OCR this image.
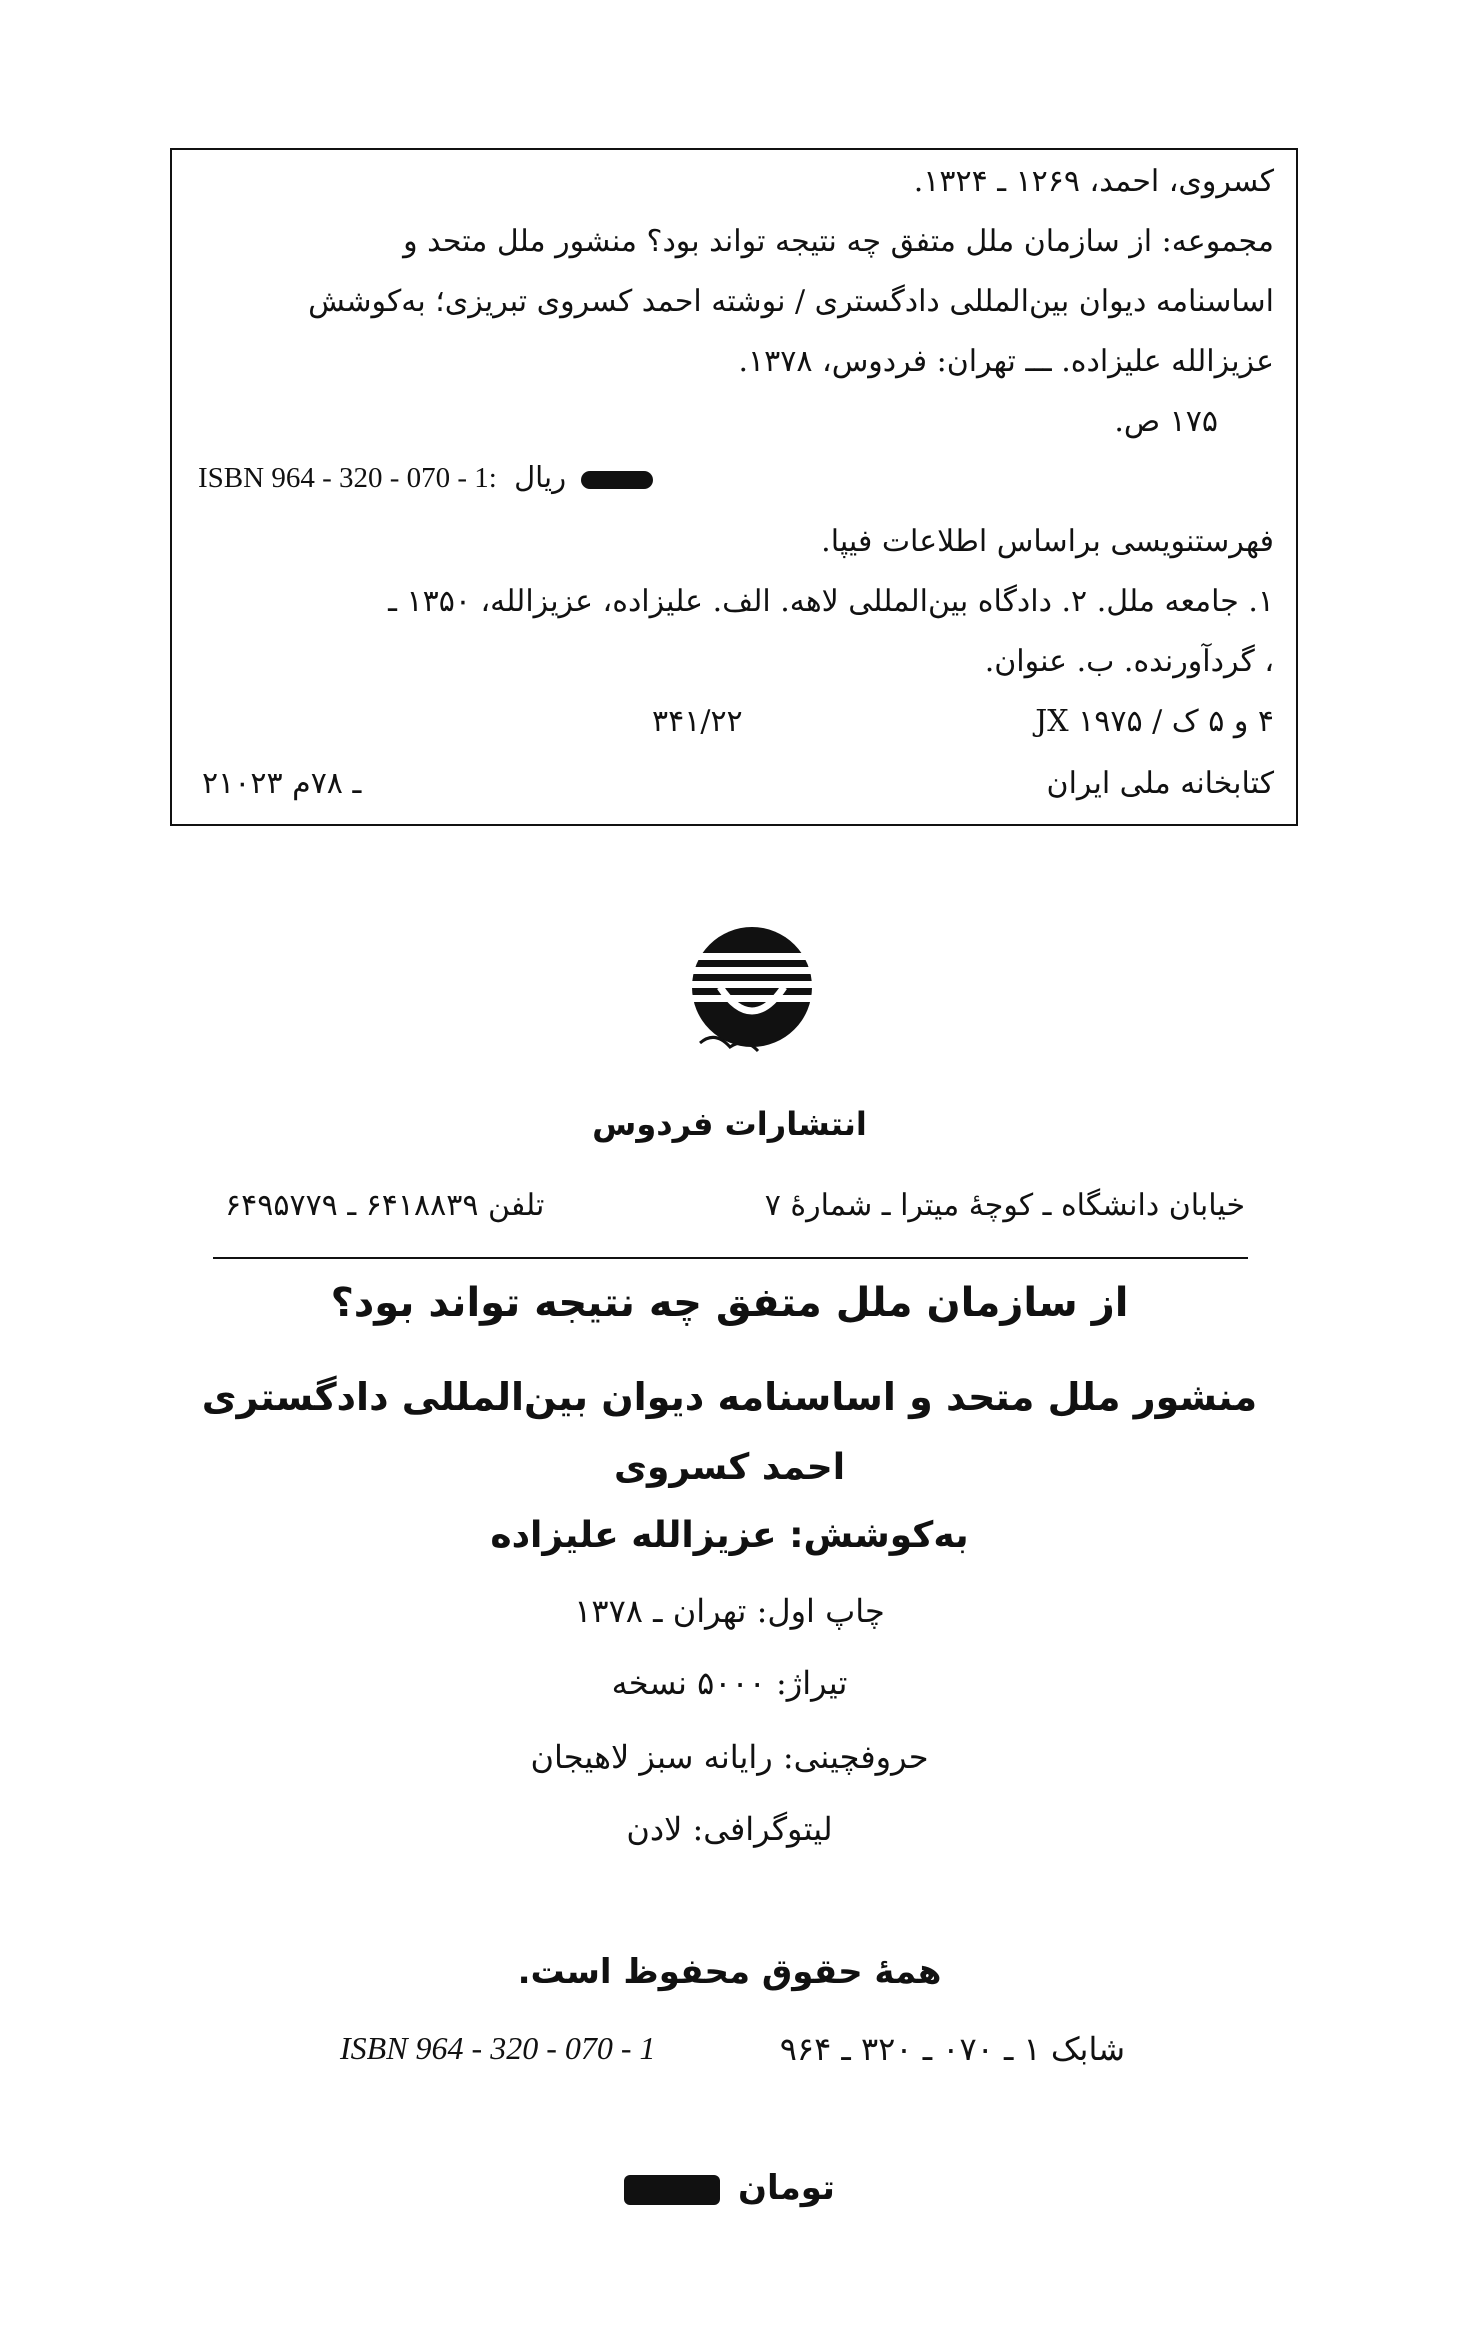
کسروی، احمد، ۱۲۶۹ ـ ۱۳۲۴.
مجموعه: از سازمان ملل متفق چه نتیجه تواند بود؟ منشور ملل متحد و
اساسنامه دیوان بین‌المللی دادگستری / نوشته احمد کسروی تبریزی؛ به‌کوشش
عزیزالله علیزاده. ـــ تهران: فردوس، ۱۳۷۸.
۱۷۵ ص.
ISBN 964 - 320 - 070 - 1: ریال
فهرستنویسی براساس اطلاعات فیپا.
۱. جامعه ملل. ۲. دادگاه بین‌المللی لاهه. الف. علیزاده، عزیزالله، ۱۳۵۰ ـ
، گردآورنده. ب. عنوان.
۴ و ۵ ک / JX ۱۹۷۵
۳۴۱/۲۲
کتابخانه ملی ایران
۲۱۰۲۳ ـ ۷۸م
انتشارات فردوس
خیابان دانشگاه ـ کوچهٔ میترا ـ شمارهٔ ۷
تلفن ۶۴۱۸۸۳۹ ـ ۶۴۹۵۷۷۹
از سازمان ملل متفق چه نتیجه تواند بود؟
منشور ملل متحد و اساسنامه دیوان بین‌المللی دادگستری
احمد کسروی
به‌کوشش: عزیزالله علیزاده
چاپ اول: تهران ـ ۱۳۷۸
تیراژ: ۵۰۰۰ نسخه
حروفچینی: رایانه سبز لاهیجان
لیتوگرافی: لادن
همهٔ حقوق محفوظ است.
ISBN 964 - 320 - 070 - 1	شابک ۱ ـ ۰۷۰ ـ ۳۲۰ ـ ۹۶۴
تومان
